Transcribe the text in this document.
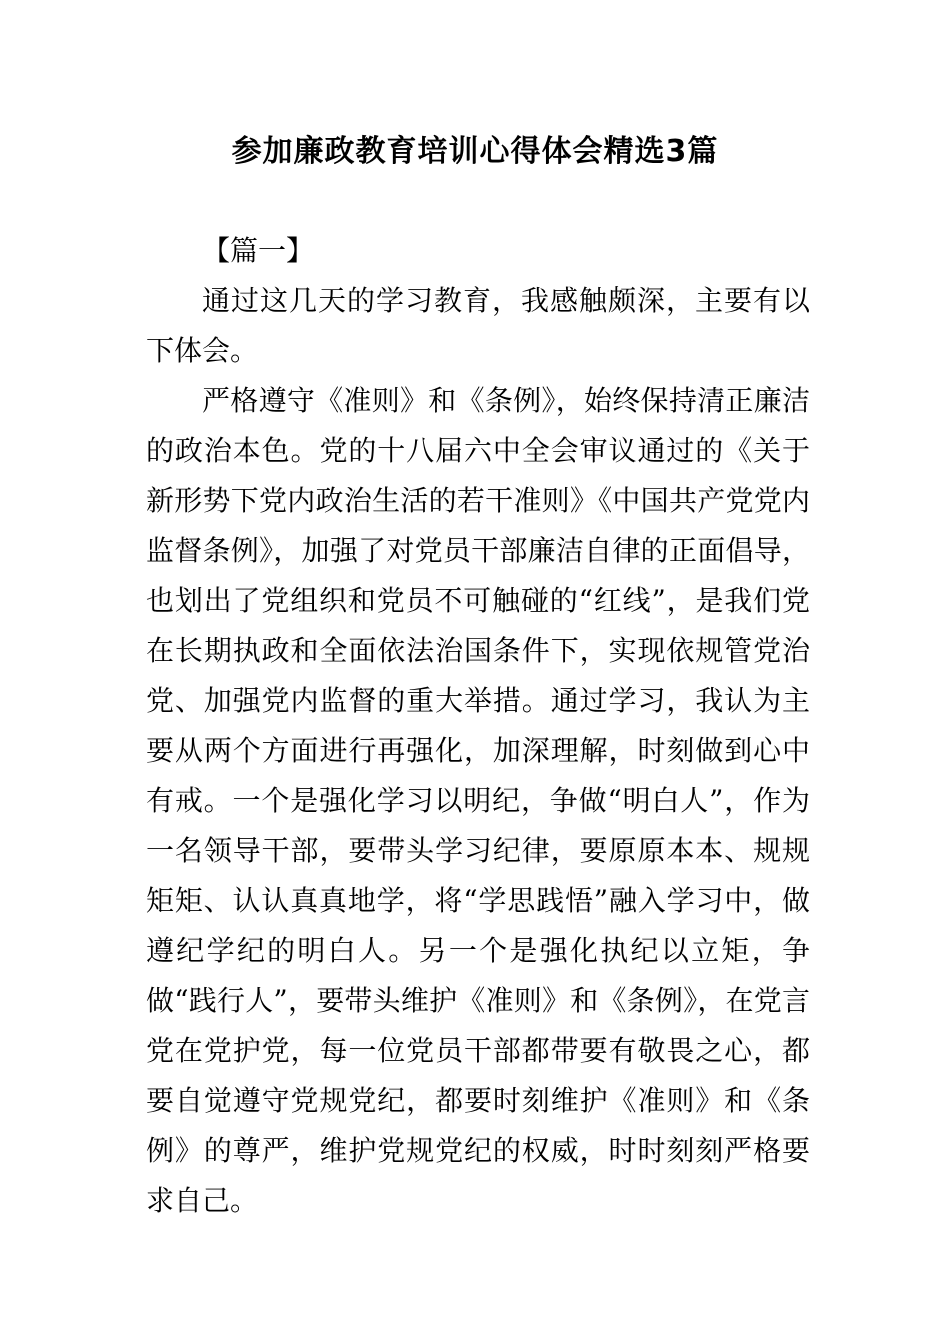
参加廉政教育培训心得体会精选3篇

【篇一】

通过这几天的学习教育，我感触颇深，主要有以下体会。

严格遵守《准则》和《条例》，始终保持清正廉洁的政治本色。党的十八届六中全会审议通过的《关于新形势下党内政治生活的若干准则》《中国共产党党内监督条例》，加强了对党员干部廉洁自律的正面倡导，也划出了党组织和党员不可触碰的“红线”，是我们党在长期执政和全面依法治国条件下，实现依规管党治党、加强党内监督的重大举措。通过学习，我认为主要从两个方面进行再强化，加深理解，时刻做到心中有戒。一个是强化学习以明纪，争做“明白人”，作为一名领导干部，要带头学习纪律，要原原本本、规规矩矩、认认真真地学，将“学思践悟”融入学习中，做遵纪学纪的明白人。另一个是强化执纪以立矩，争做“践行人”，要带头维护《准则》和《条例》，在党言党在党护党，每一位党员干部都带要有敬畏之心，都要自觉遵守党规党纪，都要时刻维护《准则》和《条例》的尊严，维护党规党纪的权威，时时刻刻严格要求自己。
